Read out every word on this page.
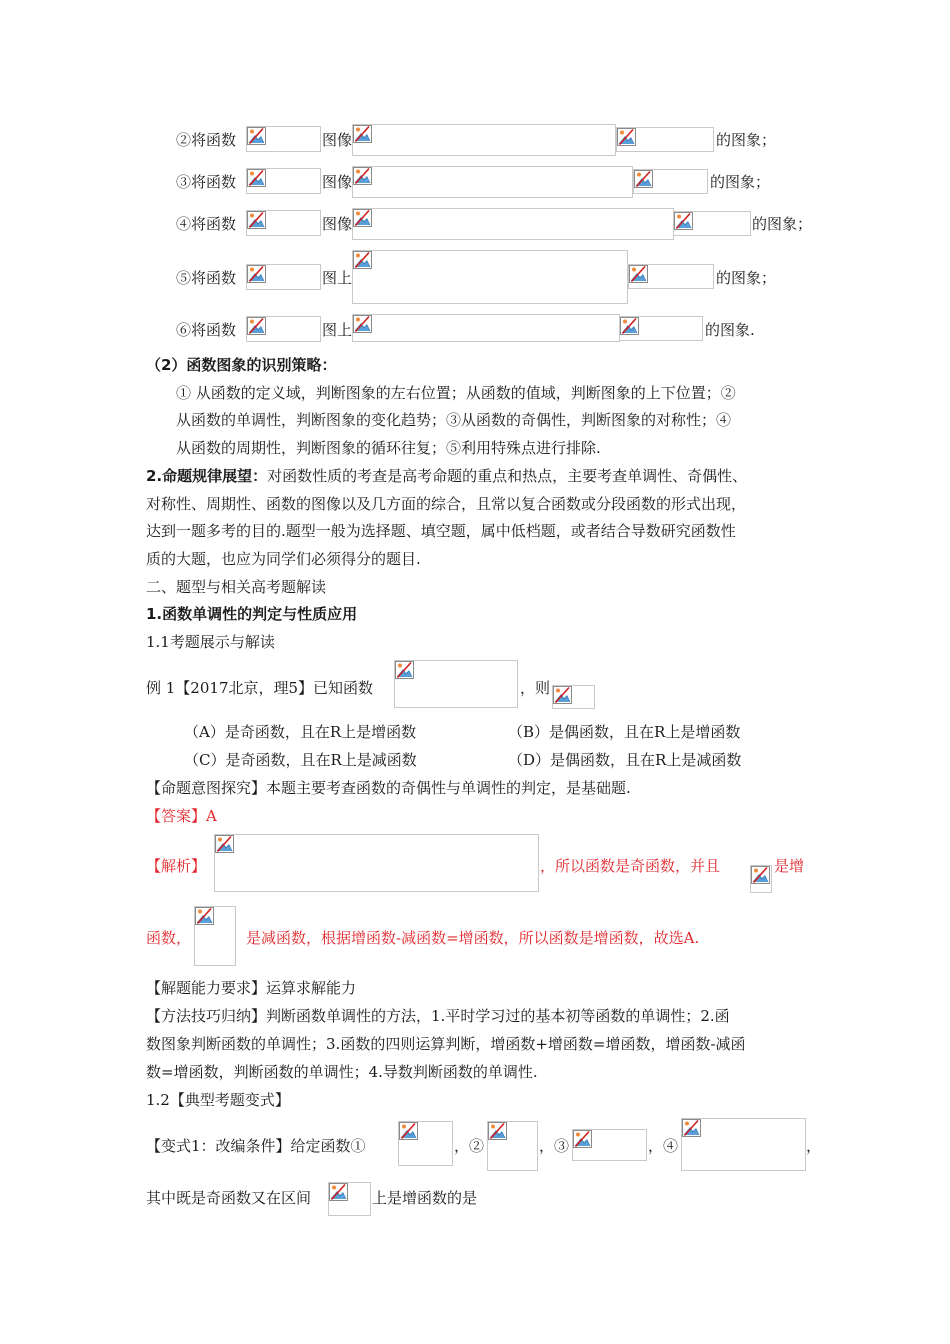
②将函数	图像	的图象；
③将函数	图像	的图象；
④将函数	图像	的图象；
⑤将函数	图上	的图象；
⑥将函数	图上	的图象.
（2）函数图象的识别策略：
① 从函数的定义域，判断图象的左右位置；从函数的值域，判断图象的上下位置；②
从函数的单调性，判断图象的变化趋势；③从函数的奇偶性，判断图象的对称性；④
从函数的周期性，判断图象的循环往复；⑤利用特殊点进行排除.
2.命题规律展望：对函数性质的考查是高考命题的重点和热点，主要考查单调性、奇偶性、
对称性、周期性、函数的图像以及几方面的综合，且常以复合函数或分段函数的形式出现，
达到一题多考的目的.题型一般为选择题、填空题，属中低档题，或者结合导数研究函数性
质的大题，也应为同学们必须得分的题目.
二、题型与相关高考题解读
1.函数单调性的判定与性质应用
1.1考题展示与解读
例 1【2017北京，理5】已知函数	，则
（A）是奇函数，且在R上是增函数	（B）是偶函数，且在R上是增函数
（C）是奇函数，且在R上是减函数	（D）是偶函数，且在R上是减函数
【命题意图探究】本题主要考查函数的奇偶性与单调性的判定，是基础题.
【答案】A
【解析】	，所以函数是奇函数，并且	是增
函数，	是减函数，根据增函数-减函数=增函数，所以函数是增函数，故选A.
【解题能力要求】运算求解能力
【方法技巧归纳】判断函数单调性的方法，1.平时学习过的基本初等函数的单调性；2.函
数图象判断函数的单调性；3.函数的四则运算判断，增函数+增函数=增函数，增函数-减函
数=增函数，判断函数的单调性；4.导数判断函数的单调性.
1.2【典型考题变式】
【变式1：改编条件】给定函数①	，②	，③	，④	，
其中既是奇函数又在区间	上是增函数的是
